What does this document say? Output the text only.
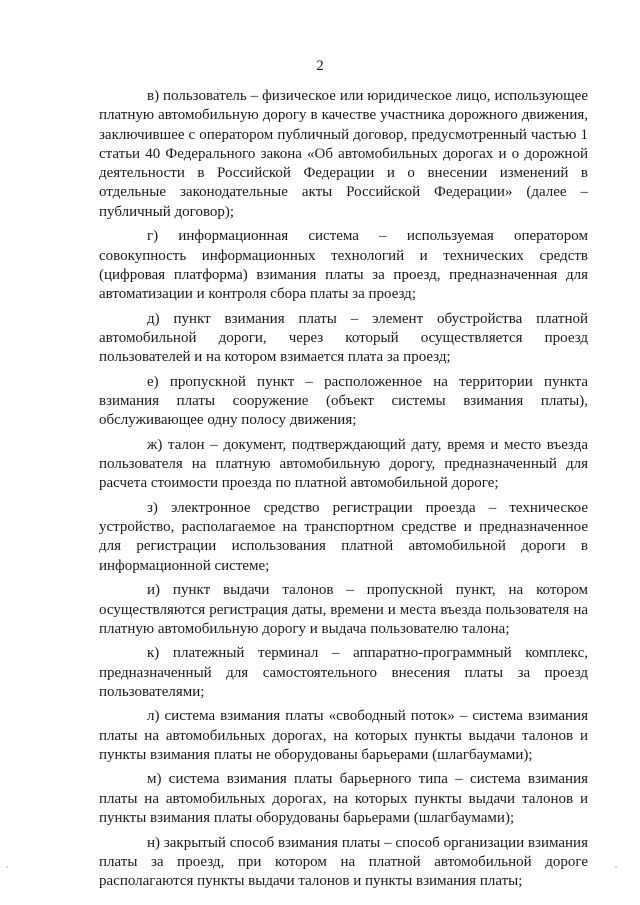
2

в) пользователь – физическое или юридическое лицо, использующее платную автомобильную дорогу в качестве участника дорожного движения, заключившее с оператором публичный договор, предусмотренный частью 1 статьи 40 Федерального закона «Об автомобильных дорогах и о дорожной деятельности в Российской Федерации и о внесении изменений в отдельные законодательные акты Российской Федерации» (далее – публичный договор);

г) информационная система – используемая оператором совокупность информационных технологий и технических средств (цифровая платформа) взимания платы за проезд, предназначенная для автоматизации и контроля сбора платы за проезд;

д) пункт взимания платы – элемент обустройства платной автомобильной дороги, через который осуществляется проезд пользователей и на котором взимается плата за проезд;

е) пропускной пункт – расположенное на территории пункта взимания платы сооружение (объект системы взимания платы), обслуживающее одну полосу движения;

ж) талон – документ, подтверждающий дату, время и место въезда пользователя на платную автомобильную дорогу, предназначенный для расчета стоимости проезда по платной автомобильной дороге;

з) электронное средство регистрации проезда – техническое устройство, располагаемое на транспортном средстве и предназначенное для регистрации использования платной автомобильной дороги в информационной системе;

и) пункт выдачи талонов – пропускной пункт, на котором осуществляются регистрация даты, времени и места въезда пользователя на платную автомобильную дорогу и выдача пользователю талона;

к) платежный терминал – аппаратно-программный комплекс, предназначенный для самостоятельного внесения платы за проезд пользователями;

л) система взимания платы «свободный поток» – система взимания платы на автомобильных дорогах, на которых пункты выдачи талонов и пункты взимания платы не оборудованы барьерами (шлагбаумами);

м) система взимания платы барьерного типа – система взимания платы на автомобильных дорогах, на которых пункты выдачи талонов и пункты взимания платы оборудованы барьерами (шлагбаумами);

н) закрытый способ взимания платы – способ организации взимания платы за проезд, при котором на платной автомобильной дороге располагаются пункты выдачи талонов и пункты взимания платы;
